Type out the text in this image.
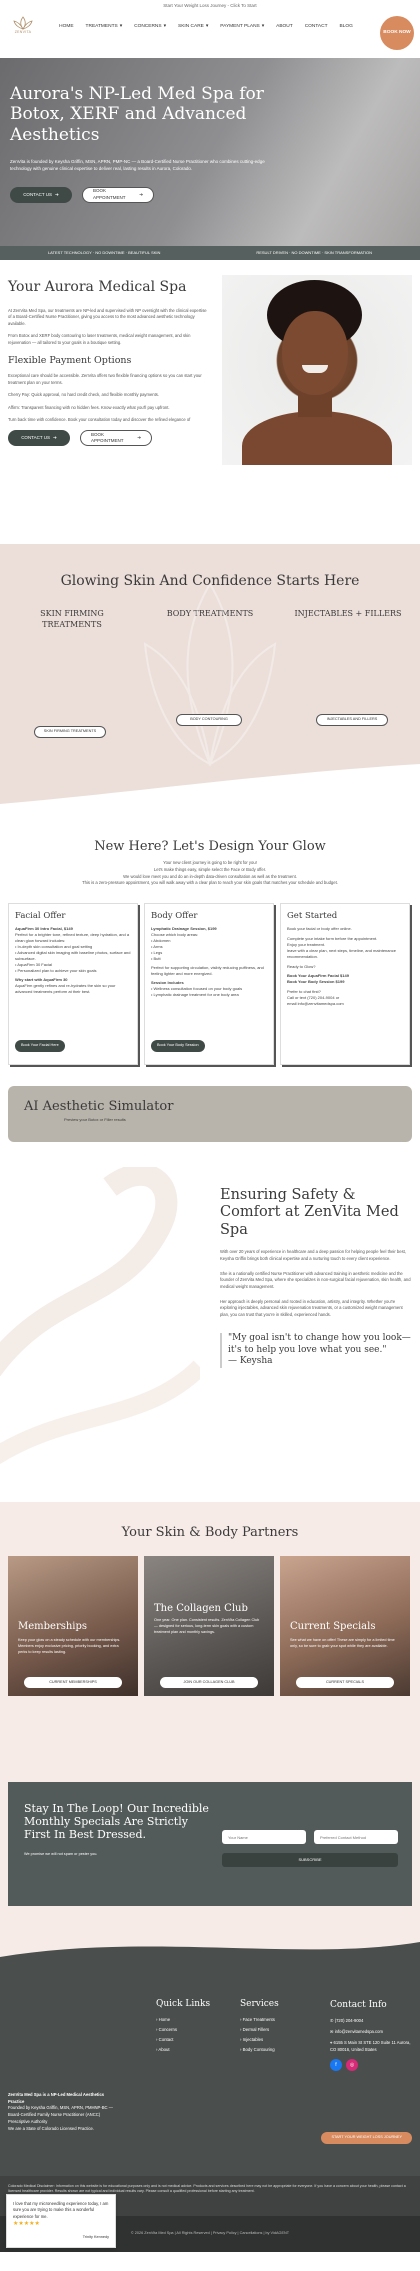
Start Your Weight Loss Journey - Click To Start
ZENVITA
HOME	TREATMENTS ▾	CONCERNS ▾	SKIN CARE ▾	PAYMENT PLANS ▾	ABOUT	CONTACT	BLOG
BOOK NOW
Aurora's NP-Led Med Spa for Botox, XERF and Advanced Aesthetics

ZenVita is founded by Keysha Griffin, MSN, APRN, PMP-NC — a Board-Certified Nurse Practitioner who combines cutting-edge technology with genuine clinical expertise to deliver real, lasting results in Aurora, Colorado.

CONTACT US ➔
BOOK APPOINTMENT
➔
LATEST TECHNOLOGY · NO DOWNTIME · BEAUTIFUL SKIN	RESULT DRIVEN · NO DOWNTIME · SKIN TRANSFORMATION
Your Aurora Medical Spa

At ZenVita Med Spa, our treatments are NP-led and supervised with NP oversight with the clinical expertise of a Board-Certified Nurse Practitioner, giving you access to the most advanced aesthetic technology available.

From Botox and XERF body contouring to laser treatments, medical weight management, and skin rejuvenation — all tailored to your goals in a boutique setting.

Flexible Payment Options

Exceptional care should be accessible. ZenVita offers two flexible financing options so you can start your treatment plan on your terms.

Cherry Pay: Quick approval, no hard credit check, and flexible monthly payments.

Affirm: Transparent financing with no hidden fees. Know exactly what you'll pay upfront.

Turn back time with confidence. Book your consultation today and discover the refined elegance of

CONTACT US ➔
BOOK APPOINTMENT
➔
Glowing Skin And Confidence Starts Here
SKIN FIRMING TREATMENTS
BODY TREATMENTS	INJECTABLES + FILLERS
SKIN FIRMING TREATMENTS
BODY CONTOURING	INJECTABLES AND FILLERS
New Here? Let's Design Your Glow
Your new client journey is going to be right for you!
Let's make things easy, simple select the Face or Body offer.
We would love meet you and do an in-depth data-driven consultation as well as the treatment.
This is a zero-pressure appointment, you will walk away with a clear plan to reach your skin goals that matches your schedule and budget.
Facial Offer
AquaFirm 30 Intro Facial, $149
Perfect for a brighter tone, refined texture, deep hydration, and a clean glow forward includes:
• In-depth skin consultation and goal setting
• Advanced digital skin imaging with baseline photos, surface and subsurface.
• AquaFirm 30 Facial
• Personalized plan to achieve your skin goals
Why start with AquaFirm 30
AquaFirm gently refines and re-hydrates the skin so your advanced treatments perform at their best.
Book Your Facial Here
Body Offer
Lymphatic Drainage Session, $199
Choose which body areas:
• Abdomen
• Arms
• Legs
• Butt
Perfect for supporting circulation, visibly reducing puffiness, and feeling lighter and more energized.
Session Includes
• Wellness consultation focused on your body goals
• Lymphatic drainage treatment for one body area
Book Your Body Session
Get Started
Book your facial or body offer online.
Complete your intake form before the appointment.
Enjoy your treatment.
leave with a clear plan, next steps, timeline, and maintenance recommendation.
Ready to Glow?
Book Your AquaFirm Facial $149
Book Your Body Session $199
Prefer to chat first?
Call or text (720) 204-9004 or
email info@zenvitamedspa.com
AI Aesthetic Simulator

Preview your Botox or Filler results

Ensuring Safety & Comfort at ZenVita Med Spa

With over 20 years of experience in healthcare and a deep passion for helping people feel their best, Keysha Griffin brings both clinical expertise and a nurturing touch to every client experience.

She is a nationally certified Nurse Practitioner with advanced training in aesthetic medicine and the founder of ZenVita Med Spa, where she specializes in non-surgical facial rejuvenation, skin health, and medical weight management.

Her approach is deeply personal and rooted in education, artistry, and integrity. Whether you're exploring injectables, advanced skin rejuvenation treatments, or a customized weight management plan, you can trust that you're in skilled, experienced hands.

"My goal isn't to change how you look—it's to help you love what you see."
— Keysha
Your Skin & Body Partners
Memberships
Keep your glow on a steady schedule with our memberships. Members enjoy exclusive pricing, priority booking, and extra perks to keep results lasting.
CURRENT MEMBERSHIPS
The Collagen Club
One year. One plan. Consistent results. ZenVita Collagen Club — designed for serious, long-term skin goals with a custom treatment plan and monthly savings.
JOIN OUR COLLAGEN CLUB
Current Specials
See what we have on offer! These are simply for a limited time only, so be sure to grab your spot while they are available.
CURRENT SPECIALS
Stay In The Loop! Our Incredible Monthly Specials Are Strictly First In Best Dressed.

We promise we will not spam or pester you.

Your Name
Preferred Contact Method
SUBSCRIBE
Quick Links
› Home
› Concerns
› Contact
› About
Services
› Face Treatments
› Dermal Fillers
› Injectables
› Body Contouring
Contact Info
✆ (720) 204-9004
✉ info@zenvitamedspa.com
⌖ 6155 S Main St STE 120 Suite 11 Aurora, CO 80016, United States
f	◎
ZenVita Med Spa is a NP-Led Medical Aesthetics Practice
Founded by Keysha Griffin, MSN, APRN, PMHNP-BC — Board-Certified Family Nurse Practitioner (ANCC) Prescriptive Authority
We are a State of Colorado Licensed Practice.
START YOUR WEIGHT LOSS JOURNEY
Colorado Medical Disclaimer: Information on this website is for educational purposes only and is not medical advice. Products and services described here may not be appropriate for everyone. If you have a concern about your health, please contact a licensed healthcare provider. Results shown are not typical and individual results vary. Please consult a qualified professional before starting any treatment.
© 2026 ZenVita Med Spa | All Rights Reserved | Privacy Policy | Cancellations | by VidAGENT
I love that my microneedling experience today, I am sure you are trying to make this a wonderful experience for me.
★★★★★
Trinity Kennedy
